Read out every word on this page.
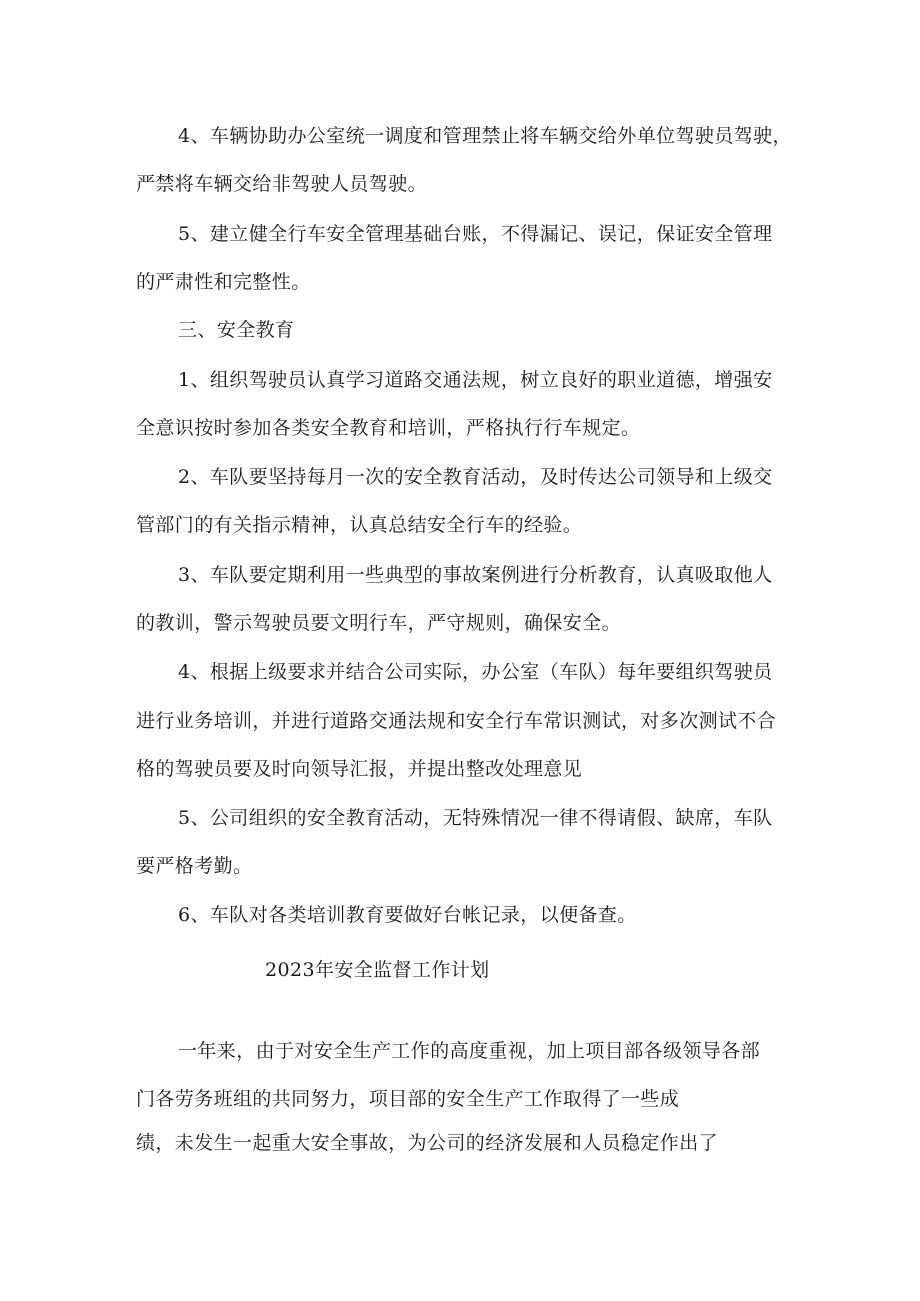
4、车辆协助办公室统一调度和管理禁止将车辆交给外单位驾驶员驾驶，
严禁将车辆交给非驾驶人员驾驶。
5、建立健全行车安全管理基础台账，不得漏记、误记，保证安全管理
的严肃性和完整性。
三、安全教育
1、组织驾驶员认真学习道路交通法规，树立良好的职业道德，增强安
全意识按时参加各类安全教育和培训，严格执行行车规定。
2、车队要坚持每月一次的安全教育活动，及时传达公司领导和上级交
管部门的有关指示精神，认真总结安全行车的经验。
3、车队要定期利用一些典型的事故案例进行分析教育，认真吸取他人
的教训，警示驾驶员要文明行车，严守规则，确保安全。
4、根据上级要求并结合公司实际，办公室（车队）每年要组织驾驶员
进行业务培训，并进行道路交通法规和安全行车常识测试，对多次测试不合
格的驾驶员要及时向领导汇报，并提出整改处理意见
5、公司组织的安全教育活动，无特殊情况一律不得请假、缺席，车队
要严格考勤。
6、车队对各类培训教育要做好台帐记录，以便备查。
2023年安全监督工作计划
一年来，由于对安全生产工作的高度重视，加上项目部各级领导各部
门各劳务班组的共同努力，项目部的安全生产工作取得了一些成
绩，未发生一起重大安全事故，为公司的经济发展和人员稳定作出了
